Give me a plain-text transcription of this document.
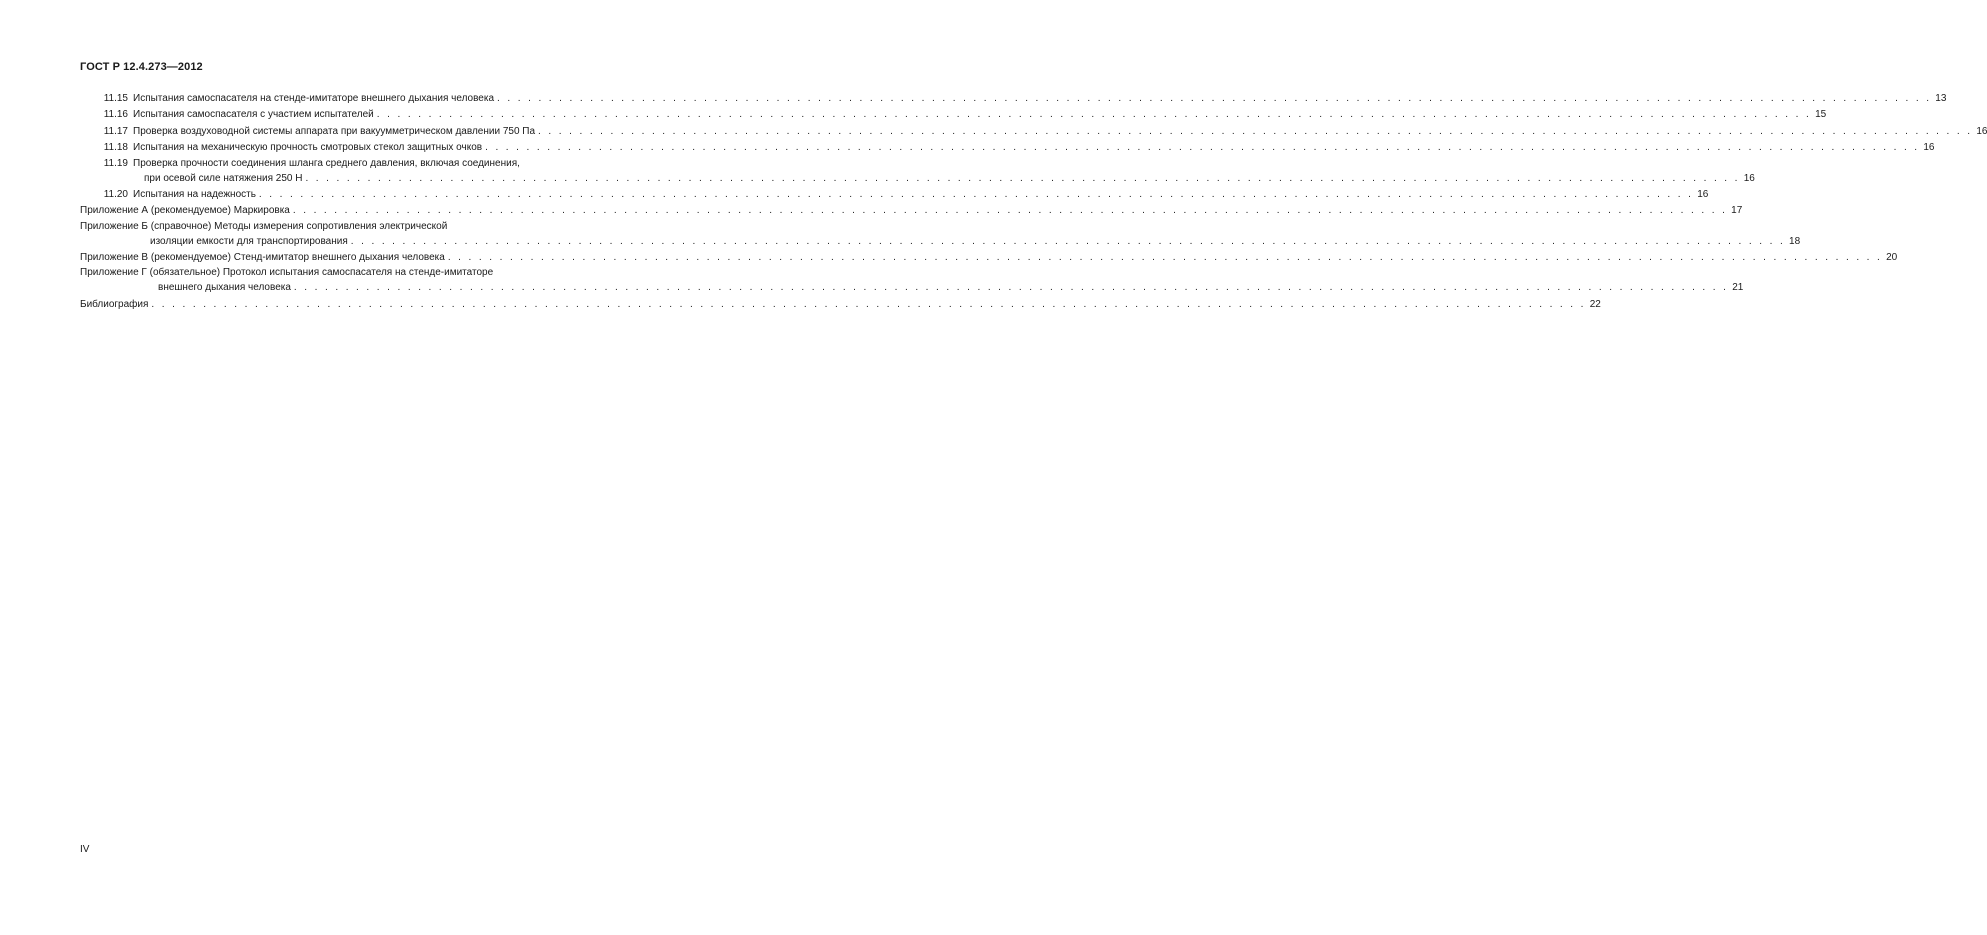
ГОСТ Р 12.4.273—2012
11.15 Испытания самоспасателя на стенде-имитаторе внешнего дыхания человека . . .	13
11.16 Испытания самоспасателя с участием испытателей . . .	15
11.17 Проверка воздуховодной системы аппарата при вакуумметрическом давлении 750 Па . . .	16
11.18 Испытания на механическую прочность смотровых стекол защитных очков . . .	16
11.19 Проверка прочности соединения шланга среднего давления, включая соединения,
при осевой силе натяжения 250 Н . . .	16
11.20 Испытания на надежность . . .	16
Приложение А (рекомендуемое) Маркировка . . .	17
Приложение Б (справочное) Методы измерения сопротивления электрической
изоляции емкости для транспортирования . . .	18
Приложение В (рекомендуемое) Стенд-имитатор внешнего дыхания человека . . .	20
Приложение Г (обязательное) Протокол испытания самоспасателя на стенде-имитаторе
внешнего дыхания человека . . .	21
Библиография . . .	22
IV
